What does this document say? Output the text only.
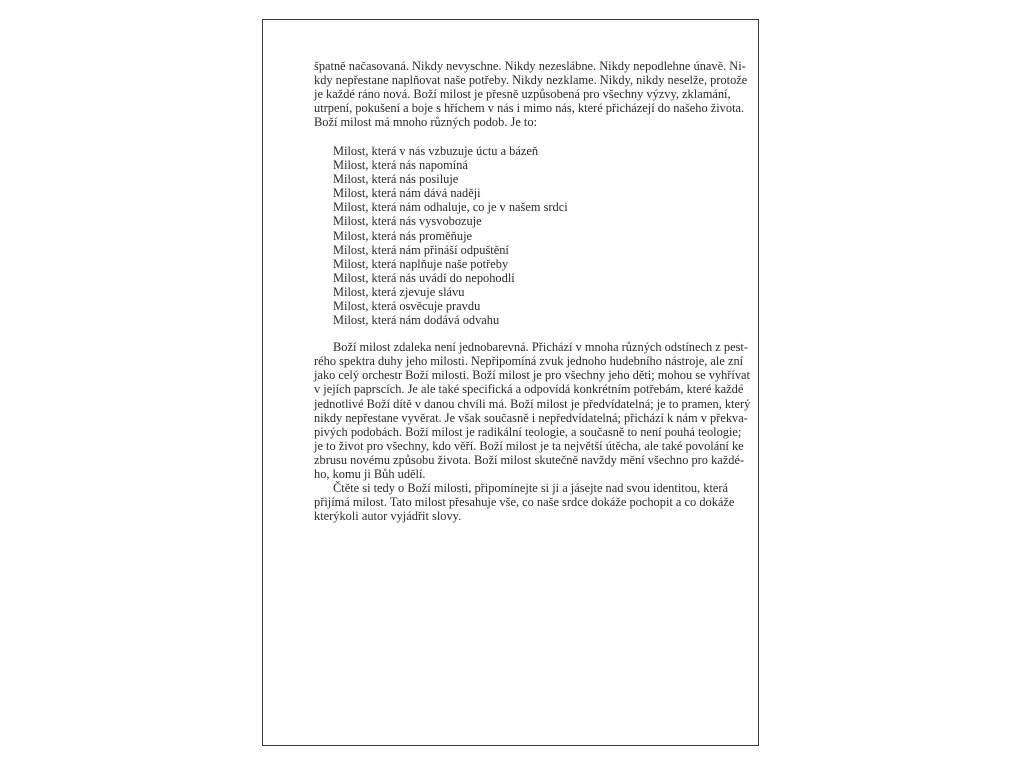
špatně načasovaná. Nikdy nevyschne. Nikdy nezeslábne. Nikdy nepodlehne únavě. Ni-
kdy nepřestane naplňovat naše potřeby. Nikdy nezklame. Nikdy, nikdy neselže, protože
je každé ráno nová. Boží milost je přesně uzpůsobená pro všechny výzvy, zklamání,
utrpení, pokušení a boje s hříchem v nás i mimo nás, které přicházejí do našeho života.
Boží milost má mnoho různých podob. Je to:
Milost, která v nás vzbuzuje úctu a bázeň
Milost, která nás napomíná
Milost, která nás posiluje
Milost, která nám dává naději
Milost, která nám odhaluje, co je v našem srdci
Milost, která nás vysvobozuje
Milost, která nás proměňuje
Milost, která nám přináší odpuštění
Milost, která naplňuje naše potřeby
Milost, která nás uvádí do nepohodlí
Milost, která zjevuje slávu
Milost, která osvěcuje pravdu
Milost, která nám dodává odvahu
Boží milost zdaleka není jednobarevná. Přichází v mnoha různých odstínech z pest-
rého spektra duhy jeho milosti. Nepřipomíná zvuk jednoho hudebního nástroje, ale zní
jako celý orchestr Boží milosti. Boží milost je pro všechny jeho děti; mohou se vyhřívat
v jejích paprscích. Je ale také specifická a odpovídá konkrétním potřebám, které každé
jednotlivé Boží dítě v danou chvíli má. Boží milost je předvídatelná; je to pramen, který
nikdy nepřestane vyvěrat. Je však současně i nepředvídatelná; přichází k nám v překva-
pivých podobách. Boží milost je radikální teologie, a současně to není pouhá teologie;
je to život pro všechny, kdo věří. Boží milost je ta největší útěcha, ale také povolání ke
zbrusu novému způsobu života. Boží milost skutečně navždy mění všechno pro každé-
ho, komu ji Bůh udělí.
Čtěte si tedy o Boží milosti, připomínejte si ji a jásejte nad svou identitou, která
přijímá milost. Tato milost přesahuje vše, co naše srdce dokáže pochopit a co dokáže
kterýkoli autor vyjádřit slovy.
